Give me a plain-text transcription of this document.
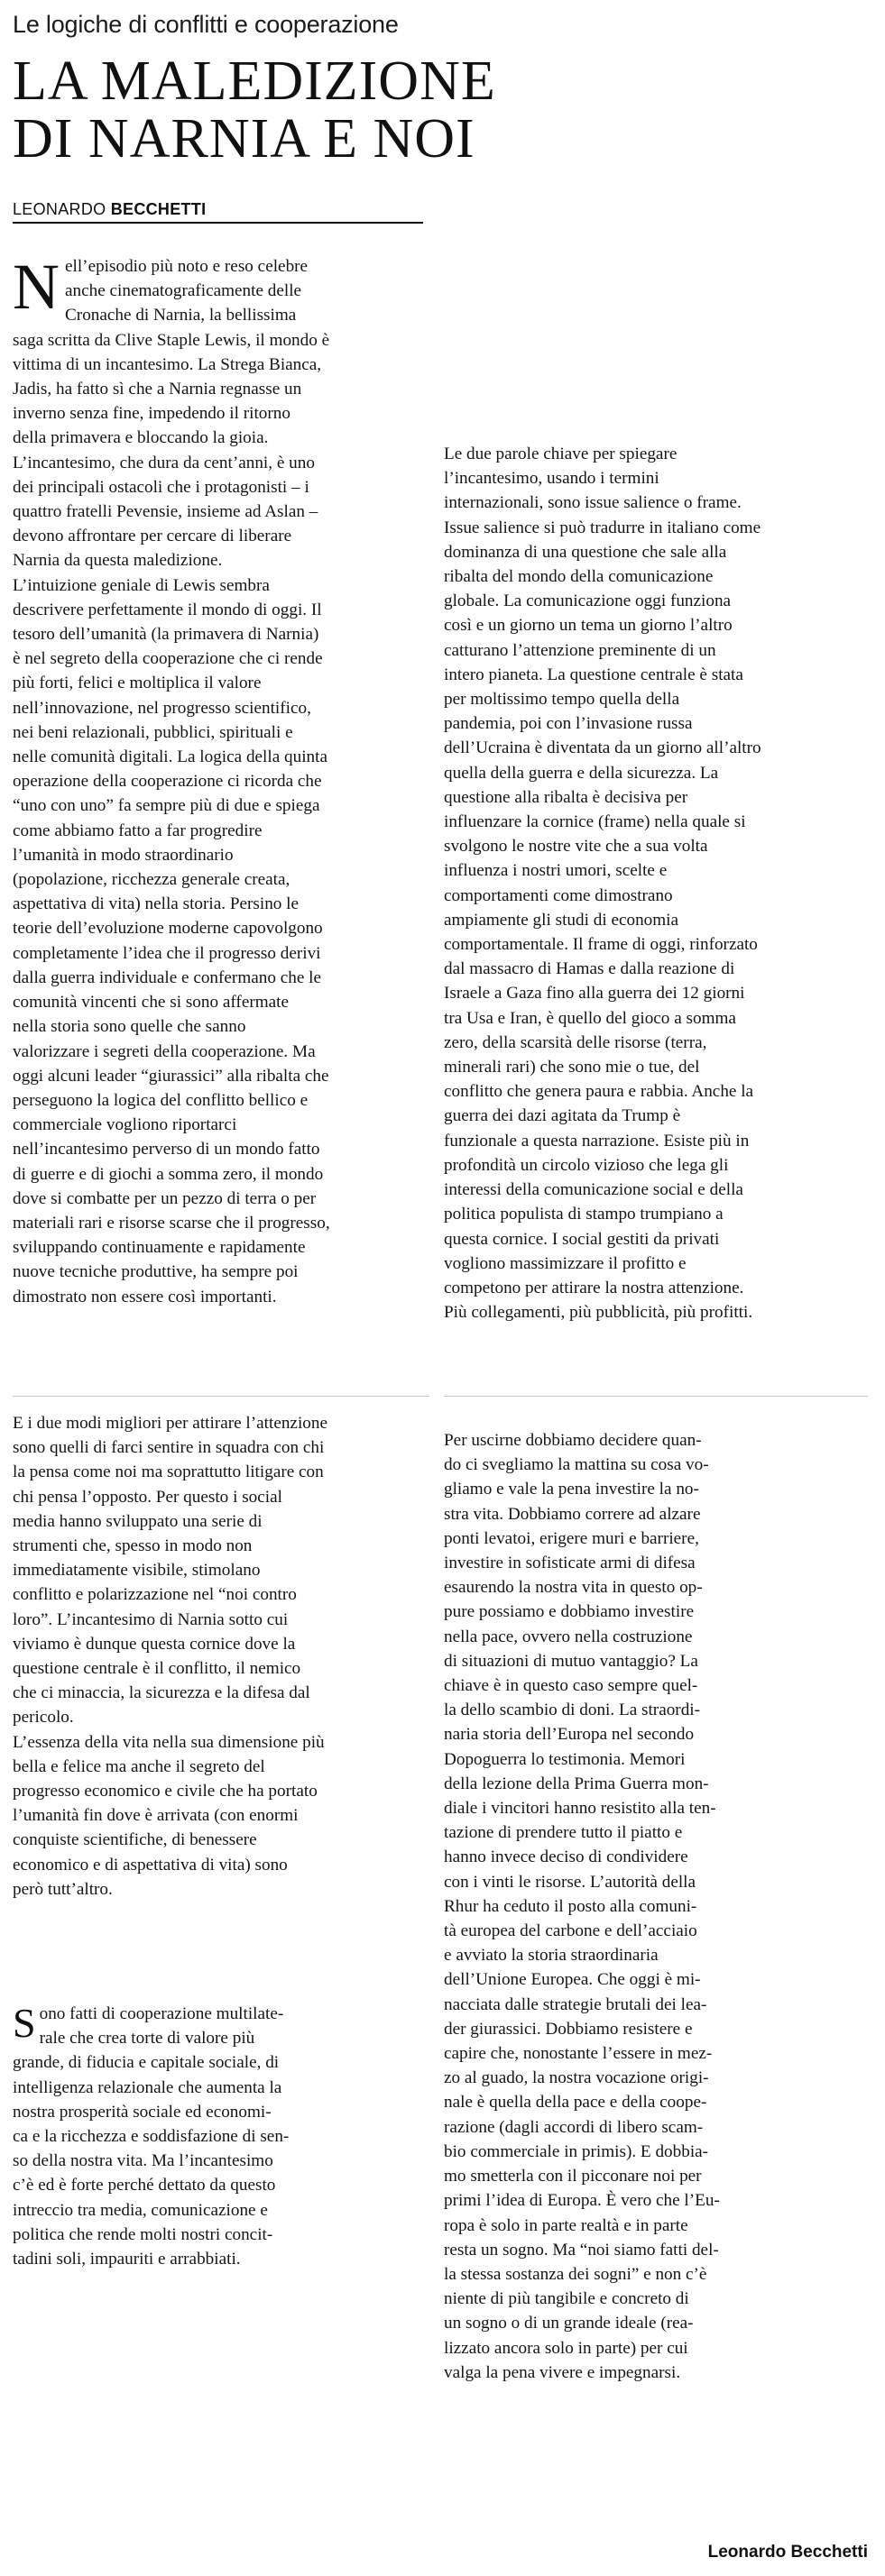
Le logiche di conflitti e cooperazione
LA MALEDIZIONE
DI NARNIA E NOI
LEONARDO BECCHETTI
N ell’episodio più noto e reso celebre
anche cinematograficamente delle
Cronache di Narnia, la bellissima
saga scritta da Clive Staple Lewis, il mondo è
vittima di un incantesimo. La Strega Bianca,
Jadis, ha fatto sì che a Narnia regnasse un
inverno senza fine, impedendo il ritorno
della primavera e bloccando la gioia.
L’incantesimo, che dura da cent’anni, è uno
dei principali ostacoli che i protagonisti – i
quattro fratelli Pevensie, insieme ad Aslan –
devono affrontare per cercare di liberare
Narnia da questa maledizione.
L’intuizione geniale di Lewis sembra
descrivere perfettamente il mondo di oggi. Il
tesoro dell’umanità (la primavera di Narnia)
è nel segreto della cooperazione che ci rende
più forti, felici e moltiplica il valore
nell’innovazione, nel progresso scientifico,
nei beni relazionali, pubblici, spirituali e
nelle comunità digitali. La logica della quinta
operazione della cooperazione ci ricorda che
“uno con uno” fa sempre più di due e spiega
come abbiamo fatto a far progredire
l’umanità in modo straordinario
(popolazione, ricchezza generale creata,
aspettativa di vita) nella storia. Persino le
teorie dell’evoluzione moderne capovolgono
completamente l’idea che il progresso derivi
dalla guerra individuale e confermano che le
comunità vincenti che si sono affermate
nella storia sono quelle che sanno
valorizzare i segreti della cooperazione. Ma
oggi alcuni leader “giurassici” alla ribalta che
perseguono la logica del conflitto bellico e
commerciale vogliono riportarci
nell’incantesimo perverso di un mondo fatto
di guerre e di giochi a somma zero, il mondo
dove si combatte per un pezzo di terra o per
materiali rari e risorse scarse che il progresso,
sviluppando continuamente e rapidamente
nuove tecniche produttive, ha sempre poi
dimostrato non essere così importanti.

E i due modi migliori per attirare l’attenzione
sono quelli di farci sentire in squadra con chi
la pensa come noi ma soprattutto litigare con
chi pensa l’opposto. Per questo i social
media hanno sviluppato una serie di
strumenti che, spesso in modo non
immediatamente visibile, stimolano
conflitto e polarizzazione nel “noi contro
loro”. L’incantesimo di Narnia sotto cui
viviamo è dunque questa cornice dove la
questione centrale è il conflitto, il nemico
che ci minaccia, la sicurezza e la difesa dal
pericolo.
L’essenza della vita nella sua dimensione più
bella e felice ma anche il segreto del
progresso economico e civile che ha portato
l’umanità fin dove è arrivata (con enormi
conquiste scientifiche, di benessere
economico e di aspettativa di vita) sono
però tutt’altro.

S ono fatti di cooperazione multilate-
rale che crea torte di valore più
grande, di fiducia e capitale sociale, di
intelligenza relazionale che aumenta la
nostra prosperità sociale ed economi-
ca e la ricchezza e soddisfazione di sen-
so della nostra vita. Ma l’incantesimo
c’è ed è forte perché dettato da questo
intreccio tra media, comunicazione e
politica che rende molti nostri concit-
tadini soli, impauriti e arrabbiati.

Le due parole chiave per spiegare
l’incantesimo, usando i termini
internazionali, sono issue salience o frame.
Issue salience si può tradurre in italiano come
dominanza di una questione che sale alla
ribalta del mondo della comunicazione
globale. La comunicazione oggi funziona
così e un giorno un tema un giorno l’altro
catturano l’attenzione preminente di un
intero pianeta. La questione centrale è stata
per moltissimo tempo quella della
pandemia, poi con l’invasione russa
dell’Ucraina è diventata da un giorno all’altro
quella della guerra e della sicurezza. La
questione alla ribalta è decisiva per
influenzare la cornice (frame) nella quale si
svolgono le nostre vite che a sua volta
influenza i nostri umori, scelte e
comportamenti come dimostrano
ampiamente gli studi di economia
comportamentale. Il frame di oggi, rinforzato
dal massacro di Hamas e dalla reazione di
Israele a Gaza fino alla guerra dei 12 giorni
tra Usa e Iran, è quello del gioco a somma
zero, della scarsità delle risorse (terra,
minerali rari) che sono mie o tue, del
conflitto che genera paura e rabbia. Anche la
guerra dei dazi agitata da Trump è
funzionale a questa narrazione. Esiste più in
profondità un circolo vizioso che lega gli
interessi della comunicazione social e della
politica populista di stampo trumpiano a
questa cornice. I social gestiti da privati
vogliono massimizzare il profitto e
competono per attirare la nostra attenzione.
Più collegamenti, più pubblicità, più profitti.

Per uscirne dobbiamo decidere quan-
do ci svegliamo la mattina su cosa vo-
gliamo e vale la pena investire la no-
stra vita. Dobbiamo correre ad alzare
ponti levatoi, erigere muri e barriere,
investire in sofisticate armi di difesa
esaurendo la nostra vita in questo op-
pure possiamo e dobbiamo investire
nella pace, ovvero nella costruzione
di situazioni di mutuo vantaggio? La
chiave è in questo caso sempre quel-
la dello scambio di doni. La straordi-
naria storia dell’Europa nel secondo
Dopoguerra lo testimonia. Memori
della lezione della Prima Guerra mon-
diale i vincitori hanno resistito alla ten-
tazione di prendere tutto il piatto e
hanno invece deciso di condividere
con i vinti le risorse. L’autorità della
Rhur ha ceduto il posto alla comuni-
tà europea del carbone e dell’acciaio
e avviato la storia straordinaria
dell’Unione Europea. Che oggi è mi-
nacciata dalle strategie brutali dei lea-
der giurassici. Dobbiamo resistere e
capire che, nonostante l’essere in mez-
zo al guado, la nostra vocazione origi-
nale è quella della pace e della coope-
razione (dagli accordi di libero scam-
bio commerciale in primis). E dobbia-
mo smetterla con il picconare noi per
primi l’idea di Europa. È vero che l’Eu-
ropa è solo in parte realtà e in parte
resta un sogno. Ma “noi siamo fatti del-
la stessa sostanza dei sogni” e non c’è
niente di più tangibile e concreto di
un sogno o di un grande ideale (rea-
lizzato ancora solo in parte) per cui
valga la pena vivere e impegnarsi.

Leonardo Becchetti
